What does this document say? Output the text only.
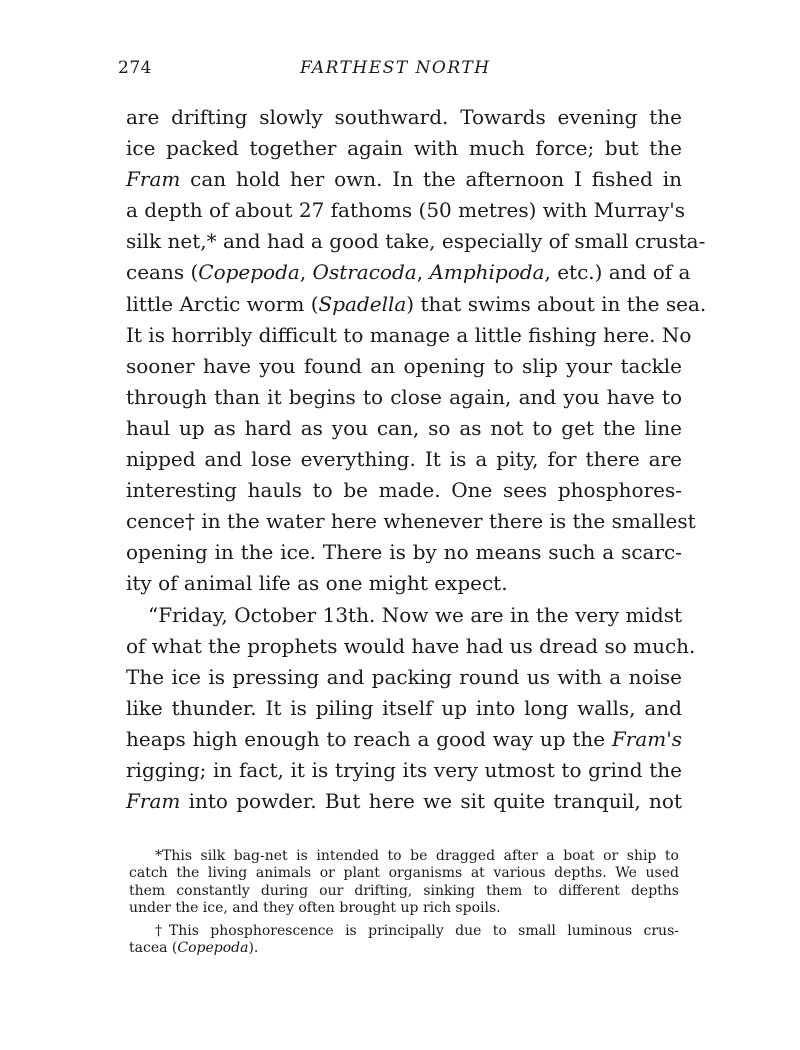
274	FARTHEST NORTH
are drifting slowly southward. Towards evening the
ice packed together again with much force; but the
Fram can hold her own. In the afternoon I fished in
a depth of about 27 fathoms (50 metres) with Murray's
silk net,* and had a good take, especially of small crusta-
ceans (Copepoda, Ostracoda, Amphipoda, etc.) and of a
little Arctic worm (Spadella) that swims about in the sea.
It is horribly difficult to manage a little fishing here. No
sooner have you found an opening to slip your tackle
through than it begins to close again, and you have to
haul up as hard as you can, so as not to get the line
nipped and lose everything. It is a pity, for there are
interesting hauls to be made. One sees phosphores-
cence† in the water here whenever there is the smallest
opening in the ice. There is by no means such a scarc-
ity of animal life as one might expect.
“Friday, October 13th. Now we are in the very midst
of what the prophets would have had us dread so much.
The ice is pressing and packing round us with a noise
like thunder. It is piling itself up into long walls, and
heaps high enough to reach a good way up the Fram's
rigging; in fact, it is trying its very utmost to grind the
Fram into powder. But here we sit quite tranquil, not
*This silk bag-net is intended to be dragged after a boat or ship to
catch the living animals or plant organisms at various depths. We used
them constantly during our drifting, sinking them to different depths
under the ice, and they often brought up rich spoils.
†This phosphorescence is principally due to small luminous crus-
tacea (Copepoda).
